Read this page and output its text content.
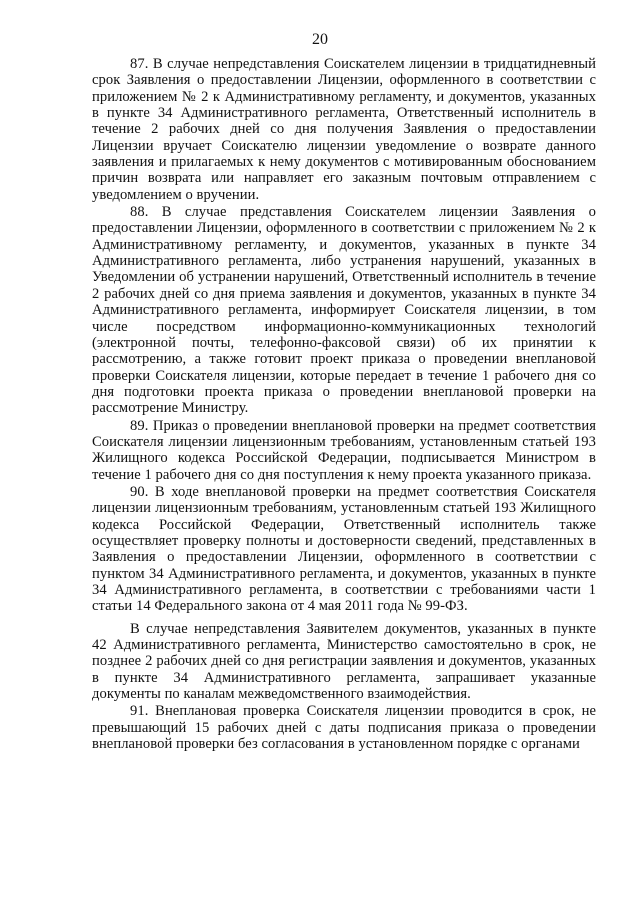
20

87. В случае непредставления Соискателем лицензии в тридцатидневный срок Заявления о предоставлении Лицензии, оформленного в соответствии с приложением № 2 к Административному регламенту, и документов, указанных в пункте 34 Административного регламента, Ответственный исполнитель в течение 2 рабочих дней со дня получения Заявления о предоставлении Лицензии вручает Соискателю лицензии уведомление о возврате данного заявления и прилагаемых к нему документов с мотивированным обоснованием причин возврата или направляет его заказным почтовым отправлением с уведомлением о вручении.

88. В случае представления Соискателем лицензии Заявления о предоставлении Лицензии, оформленного в соответствии с приложением № 2 к Административному регламенту, и документов, указанных в пункте 34 Административного регламента, либо устранения нарушений, указанных в Уведомлении об устранении нарушений, Ответственный исполнитель в течение 2 рабочих дней со дня приема заявления и документов, указанных в пункте 34 Административного регламента, информирует Соискателя лицензии, в том числе посредством информационно-коммуникационных технологий (электронной почты, телефонно-факсовой связи) об их принятии к рассмотрению, а также готовит проект приказа о проведении внеплановой проверки Соискателя лицензии, которые передает в течение 1 рабочего дня со дня подготовки проекта приказа о проведении внеплановой проверки на рассмотрение Министру.

89. Приказ о проведении внеплановой проверки на предмет соответствия Соискателя лицензии лицензионным требованиям, установленным статьей 193 Жилищного кодекса Российской Федерации, подписывается Министром в течение 1 рабочего дня со дня поступления к нему проекта указанного приказа.

90. В ходе внеплановой проверки на предмет соответствия Соискателя лицензии лицензионным требованиям, установленным статьей 193 Жилищного кодекса Российской Федерации, Ответственный исполнитель также осуществляет проверку полноты и достоверности сведений, представленных в Заявления о предоставлении Лицензии, оформленного в соответствии с пунктом 34 Административного регламента, и документов, указанных в пункте 34 Административного регламента, в соответствии с требованиями части 1 статьи 14 Федерального закона от 4 мая 2011 года № 99-ФЗ.

В случае непредставления Заявителем документов, указанных в пункте 42 Административного регламента, Министерство самостоятельно в срок, не позднее 2 рабочих дней со дня регистрации заявления и документов, указанных в пункте 34 Административного регламента, запрашивает указанные документы по каналам межведомственного взаимодействия.

91. Внеплановая проверка Соискателя лицензии проводится в срок, не превышающий 15 рабочих дней с даты подписания приказа о проведении внеплановой проверки без согласования в установленном порядке с органами
